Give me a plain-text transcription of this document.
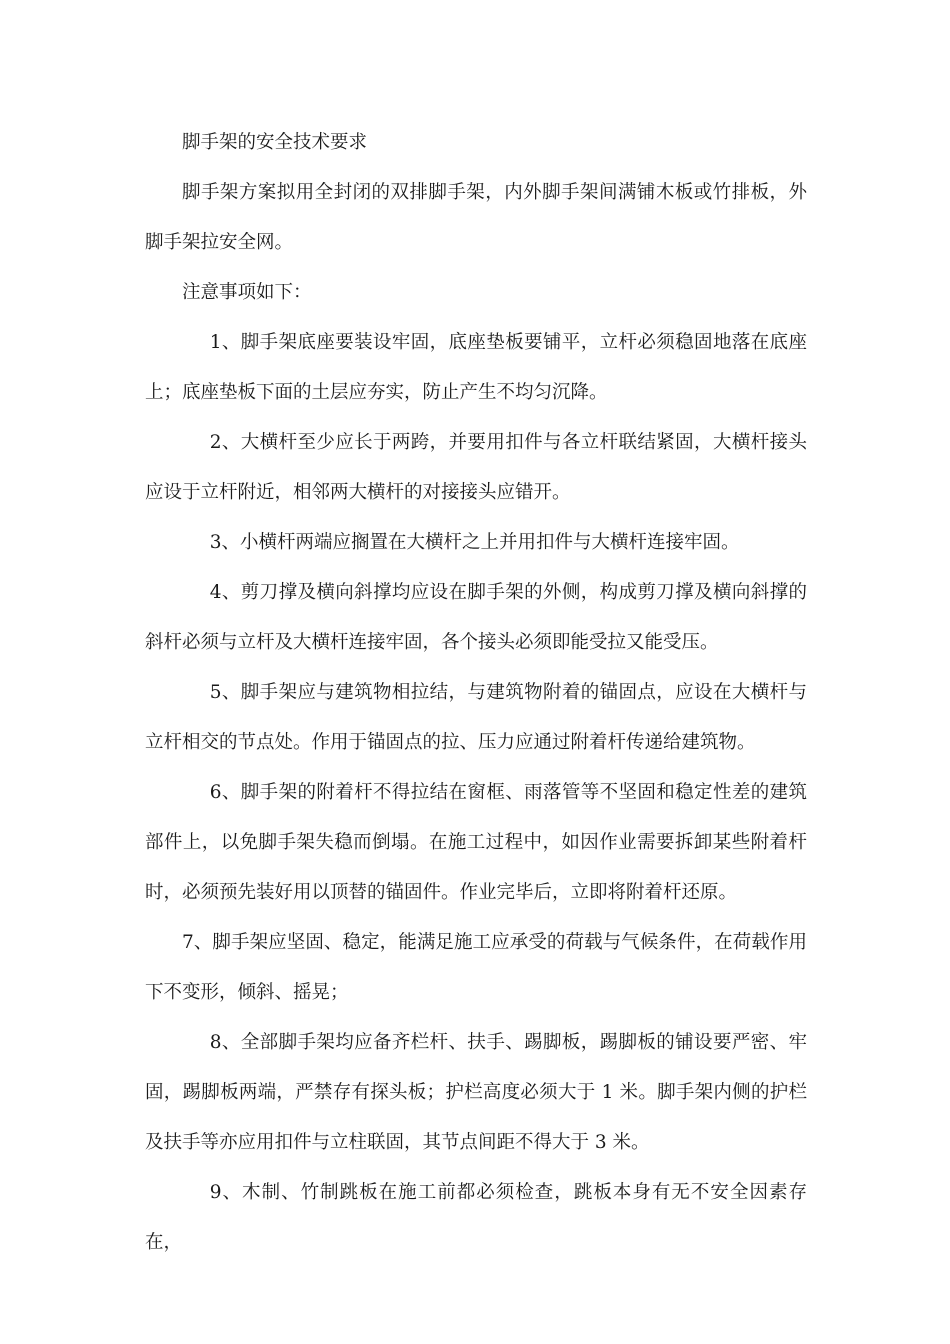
脚手架的安全技术要求

脚手架方案拟用全封闭的双排脚手架，内外脚手架间满铺木板或竹排板，外脚手架拉安全网。

注意事项如下：

1、脚手架底座要装设牢固，底座垫板要铺平，立杆必须稳固地落在底座上；底座垫板下面的土层应夯实，防止产生不均匀沉降。

2、大横杆至少应长于两跨，并要用扣件与各立杆联结紧固，大横杆接头应设于立杆附近，相邻两大横杆的对接接头应错开。

3、小横杆两端应搁置在大横杆之上并用扣件与大横杆连接牢固。

4、剪刀撑及横向斜撑均应设在脚手架的外侧，构成剪刀撑及横向斜撑的斜杆必须与立杆及大横杆连接牢固，各个接头必须即能受拉又能受压。

5、脚手架应与建筑物相拉结，与建筑物附着的锚固点，应设在大横杆与立杆相交的节点处。作用于锚固点的拉、压力应通过附着杆传递给建筑物。

6、脚手架的附着杆不得拉结在窗框、雨落管等不坚固和稳定性差的建筑部件上，以免脚手架失稳而倒塌。在施工过程中，如因作业需要拆卸某些附着杆时，必须预先装好用以顶替的锚固件。作业完毕后，立即将附着杆还原。

7、脚手架应坚固、稳定，能满足施工应承受的荷载与气候条件，在荷载作用下不变形，倾斜、摇晃；

8、全部脚手架均应备齐栏杆、扶手、踢脚板，踢脚板的铺设要严密、牢固，踢脚板两端，严禁存有探头板；护栏高度必须大于 1 米。脚手架内侧的护栏及扶手等亦应用扣件与立柱联固，其节点间距不得大于 3 米。

9、木制、竹制跳板在施工前都必须检查，跳板本身有无不安全因素存在，
